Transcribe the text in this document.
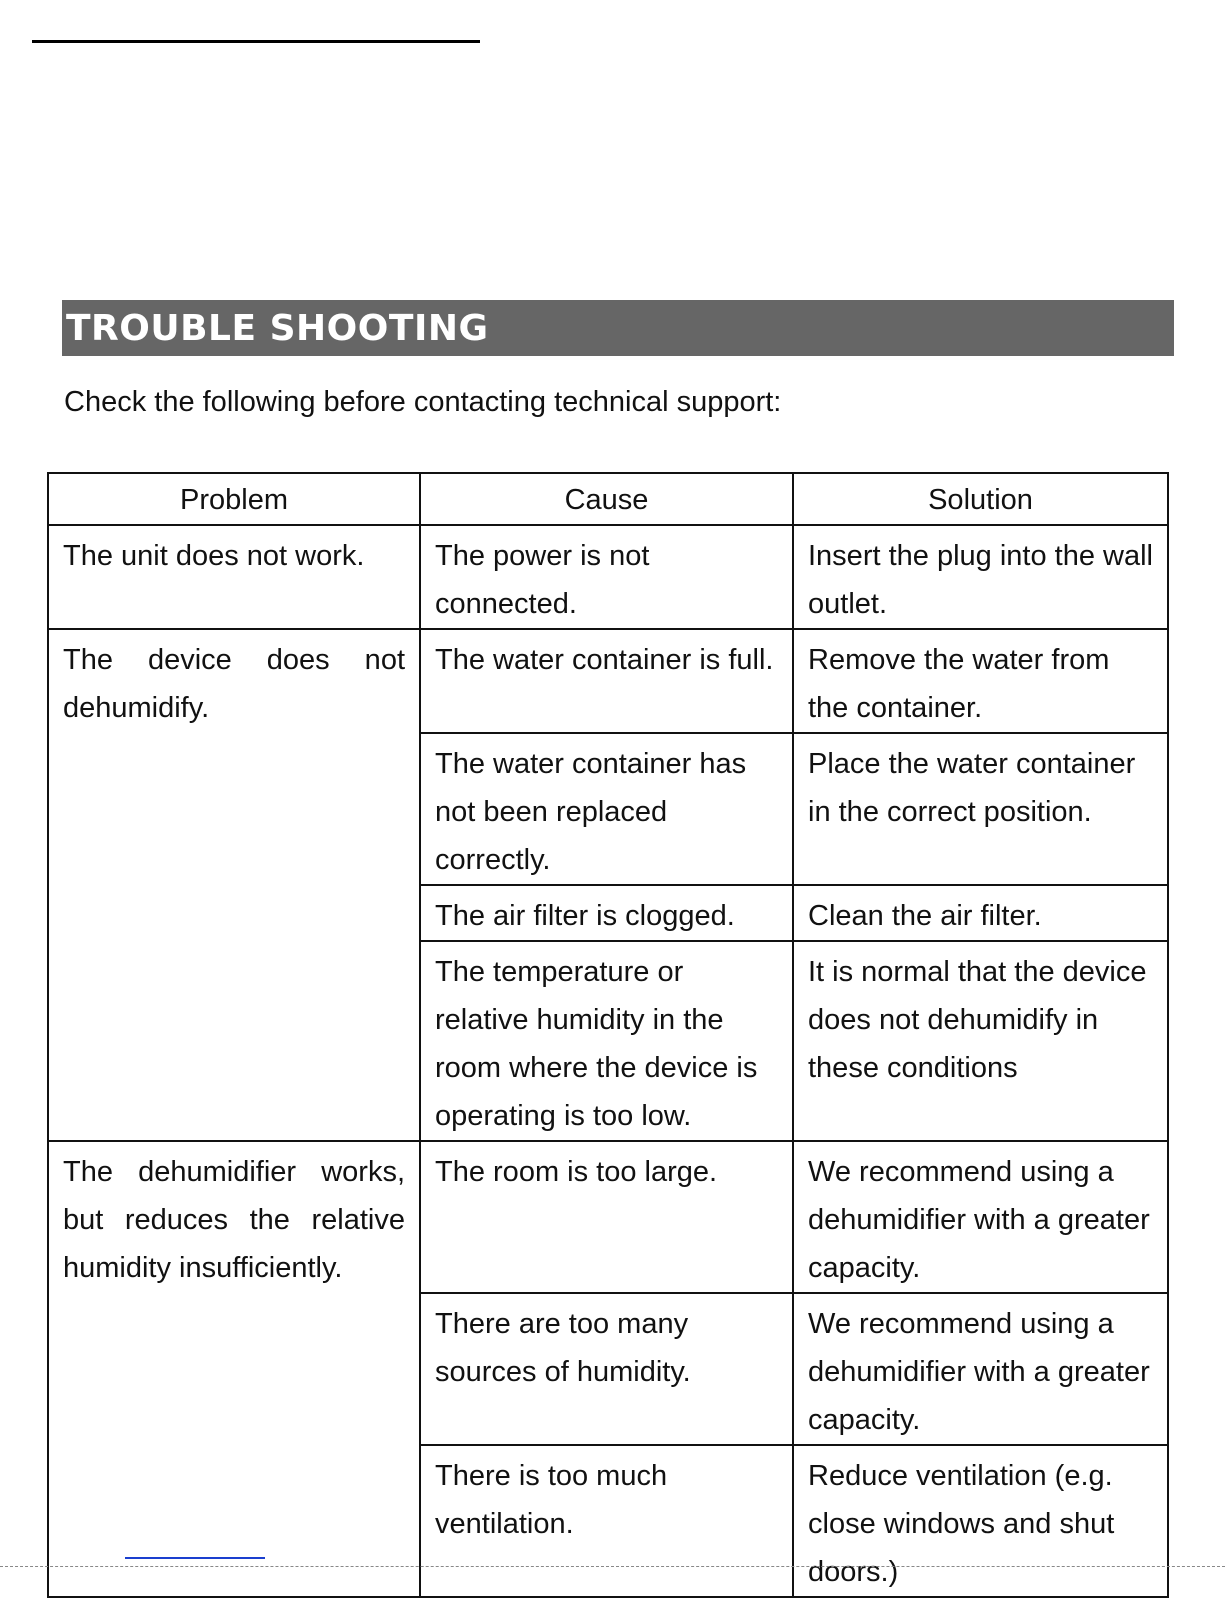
TROUBLE SHOOTING
Check the following before contacting technical support:
Problem	Cause	Solution
The unit does not work.	The power is not connected.	Insert the plug into the wall outlet.
The device does not dehumidify.	The water container is full.	Remove the water from the container.
	The water container has not been replaced correctly.	Place the water container in the correct position.
	The air filter is clogged.	Clean the air filter.
	The temperature or relative humidity in the room where the device is operating is too low.	It is normal that the device does not dehumidify in these conditions
The dehumidifier works, but reduces the relative humidity insufficiently.	The room is too large.	We recommend using a dehumidifier with a greater capacity.
	There are too many sources of humidity.	We recommend using a dehumidifier with a greater capacity.
	There is too much ventilation.	Reduce ventilation (e.g. close windows and shut doors.)
